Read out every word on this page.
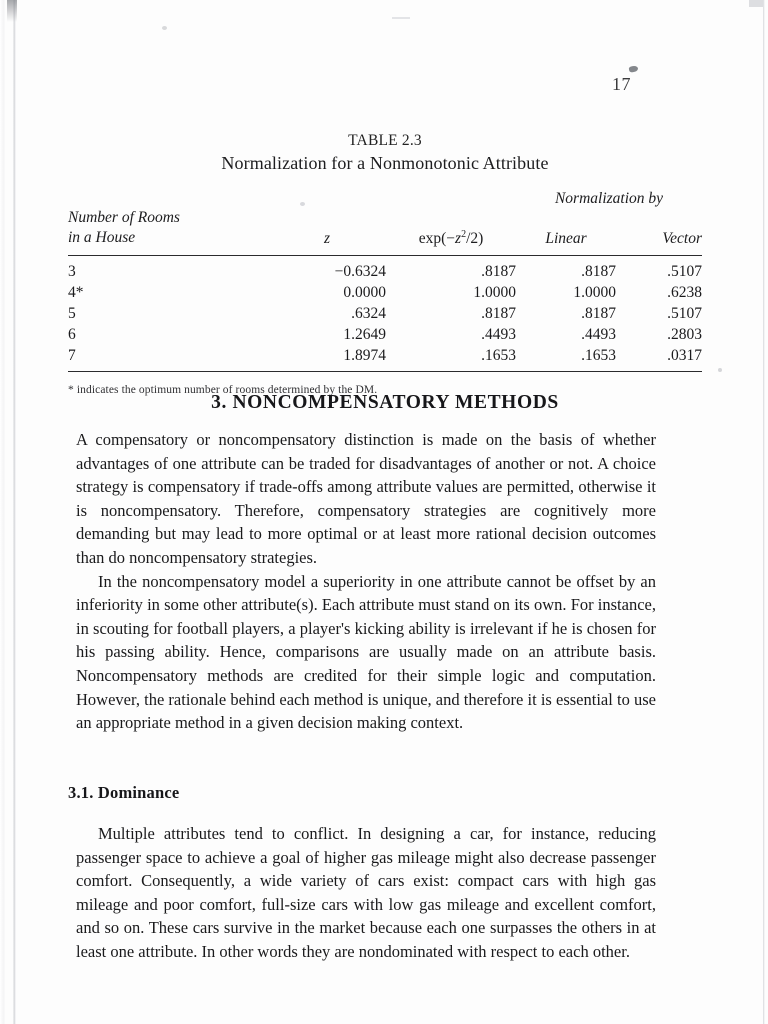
17
TABLE 2.3
Normalization for a Nonmonotonic Attribute
			Normalization by	
Number of Rooms
in a House	z	$\exp(-z^2/2)$	Linear	Vector
3	−0.6324	.8187	.8187	.5107
4*	0.0000	1.0000	1.0000	.6238
5	.6324	.8187	.8187	.5107
6	1.2649	.4493	.4493	.2803
7	1.8974	.1653	.1653	.0317
* indicates the optimum number of rooms determined by the DM.
3. NONCOMPENSATORY METHODS

A compensatory or noncompensatory distinction is made on the basis of whether advantages of one attribute can be traded for disadvantages of another or not. A choice strategy is compensatory if trade-offs among attribute values are permitted, otherwise it is noncompensatory. Therefore, compensatory strategies are cognitively more demanding but may lead to more optimal or at least more rational decision outcomes than do noncompensatory strategies.

In the noncompensatory model a superiority in one attribute cannot be offset by an inferiority in some other attribute(s). Each attribute must stand on its own. For instance, in scouting for football players, a player's kicking ability is irrelevant if he is chosen for his passing ability. Hence, comparisons are usually made on an attribute basis. Noncompensatory methods are credited for their simple logic and computation. However, the rationale behind each method is unique, and therefore it is essential to use an appropriate method in a given decision making context.

3.1. Dominance

Multiple attributes tend to conflict. In designing a car, for instance, reducing passenger space to achieve a goal of higher gas mileage might also decrease passenger comfort. Consequently, a wide variety of cars exist: compact cars with high gas mileage and poor comfort, full-size cars with low gas mileage and excellent comfort, and so on. These cars survive in the market because each one surpasses the others in at least one attribute. In other words they are nondominated with respect to each other.
